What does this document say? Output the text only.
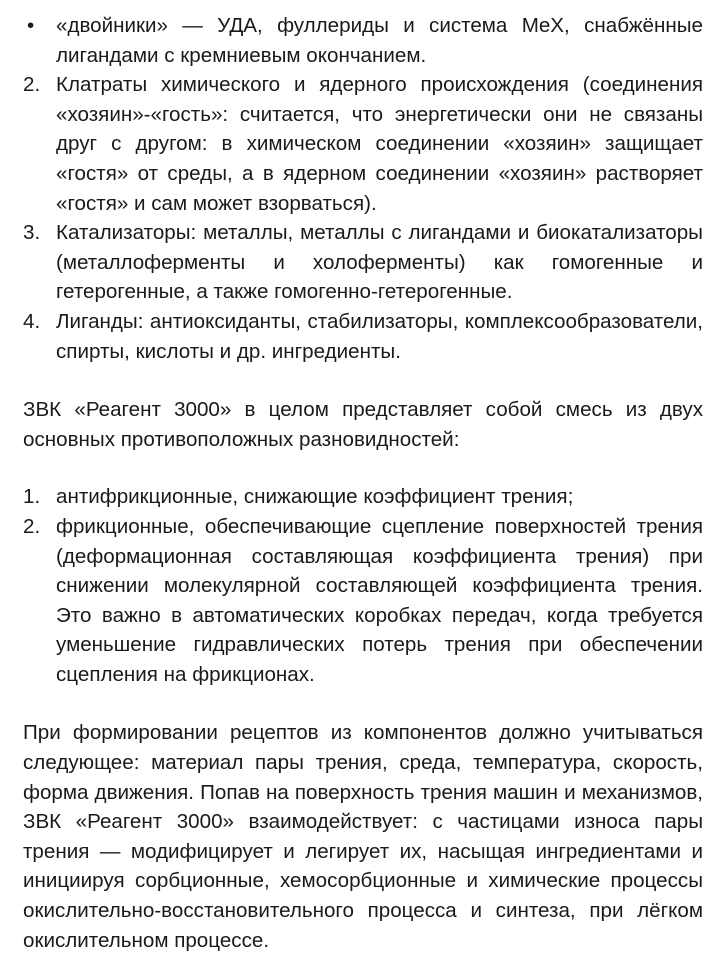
•	«двойники» — УДА, фуллериды и система MeX, снабжённые лигандами с кремниевым окончанием.
2. Клатраты химического и ядерного происхождения (соединения «хозяин»-«гость»: считается, что энергетически они не связаны друг с другом: в химическом соединении «хозяин» защищает «гостя» от среды, а в ядерном соединении «хозяин» растворяет «гостя» и сам может взорваться).
3. Катализаторы: металлы, металлы с лигандами и биокатализаторы (металлоферменты и холоферменты) как гомогенные и гетерогенные, а также гомогенно-гетерогенные.
4. Лиганды: антиоксиданты, стабилизаторы, комплексообразователи, спирты, кислоты и др. ингредиенты.

ЗВК «Реагент 3000» в целом представляет собой смесь из двух основных противоположных разновидностей:

1. антифрикционные, снижающие коэффициент трения;
2. фрикционные, обеспечивающие сцепление поверхностей трения (деформационная составляющая коэффициента трения) при снижении молекулярной составляющей коэффициента трения. Это важно в автоматических коробках передач, когда требуется уменьшение гидравлических потерь трения при обеспечении сцепления на фрикционах.

При формировании рецептов из компонентов должно учитываться следующее: материал пары трения, среда, температура, скорость, форма движения. Попав на поверхность трения машин и механизмов, ЗВК «Реагент 3000» взаимодействует: с частицами износа пары трения — модифицирует и легирует их, насыщая ингредиентами и инициируя сорбционные, хемосорбционные и химические процессы окислительно-восстановительного процесса и синтеза, при лёгком окислительном процессе.
